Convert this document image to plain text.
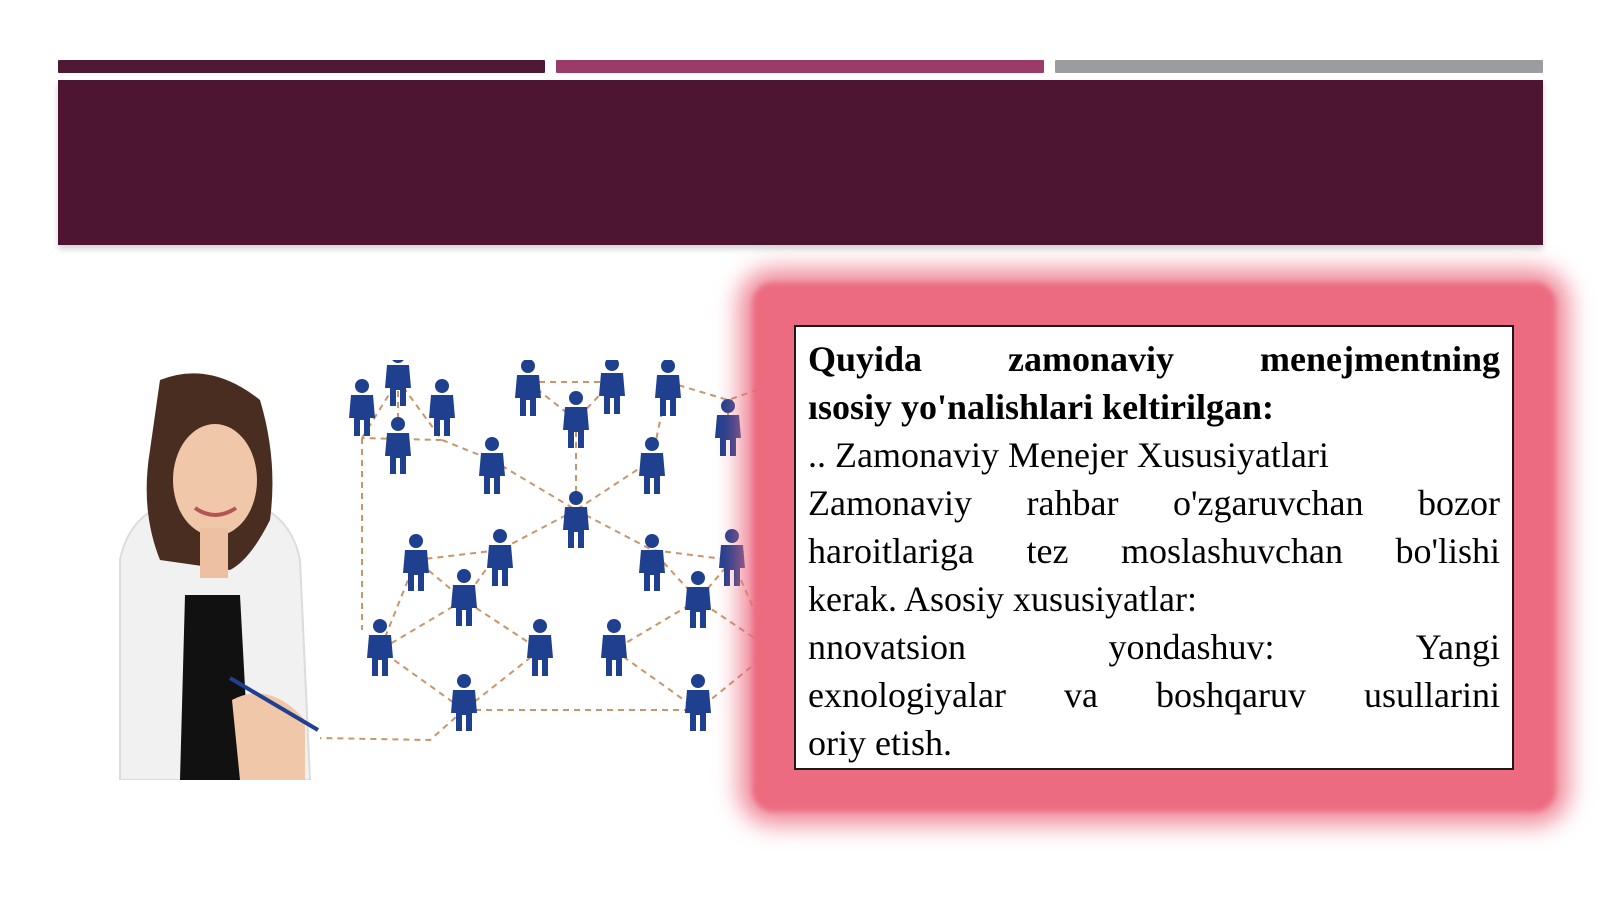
Quyida zamonaviy menejmentning

ısosiy yo'nalishlari keltirilgan:

.. Zamonaviy Menejer Xususiyatlari

Zamonaviy rahbar o'zgaruvchan bozor

haroitlariga tez moslashuvchan bo'lishi

kerak. Asosiy xususiyatlar:

nnovatsion yondashuv: Yangi

exnologiyalar va boshqaruv usullarini

oriy etish.
